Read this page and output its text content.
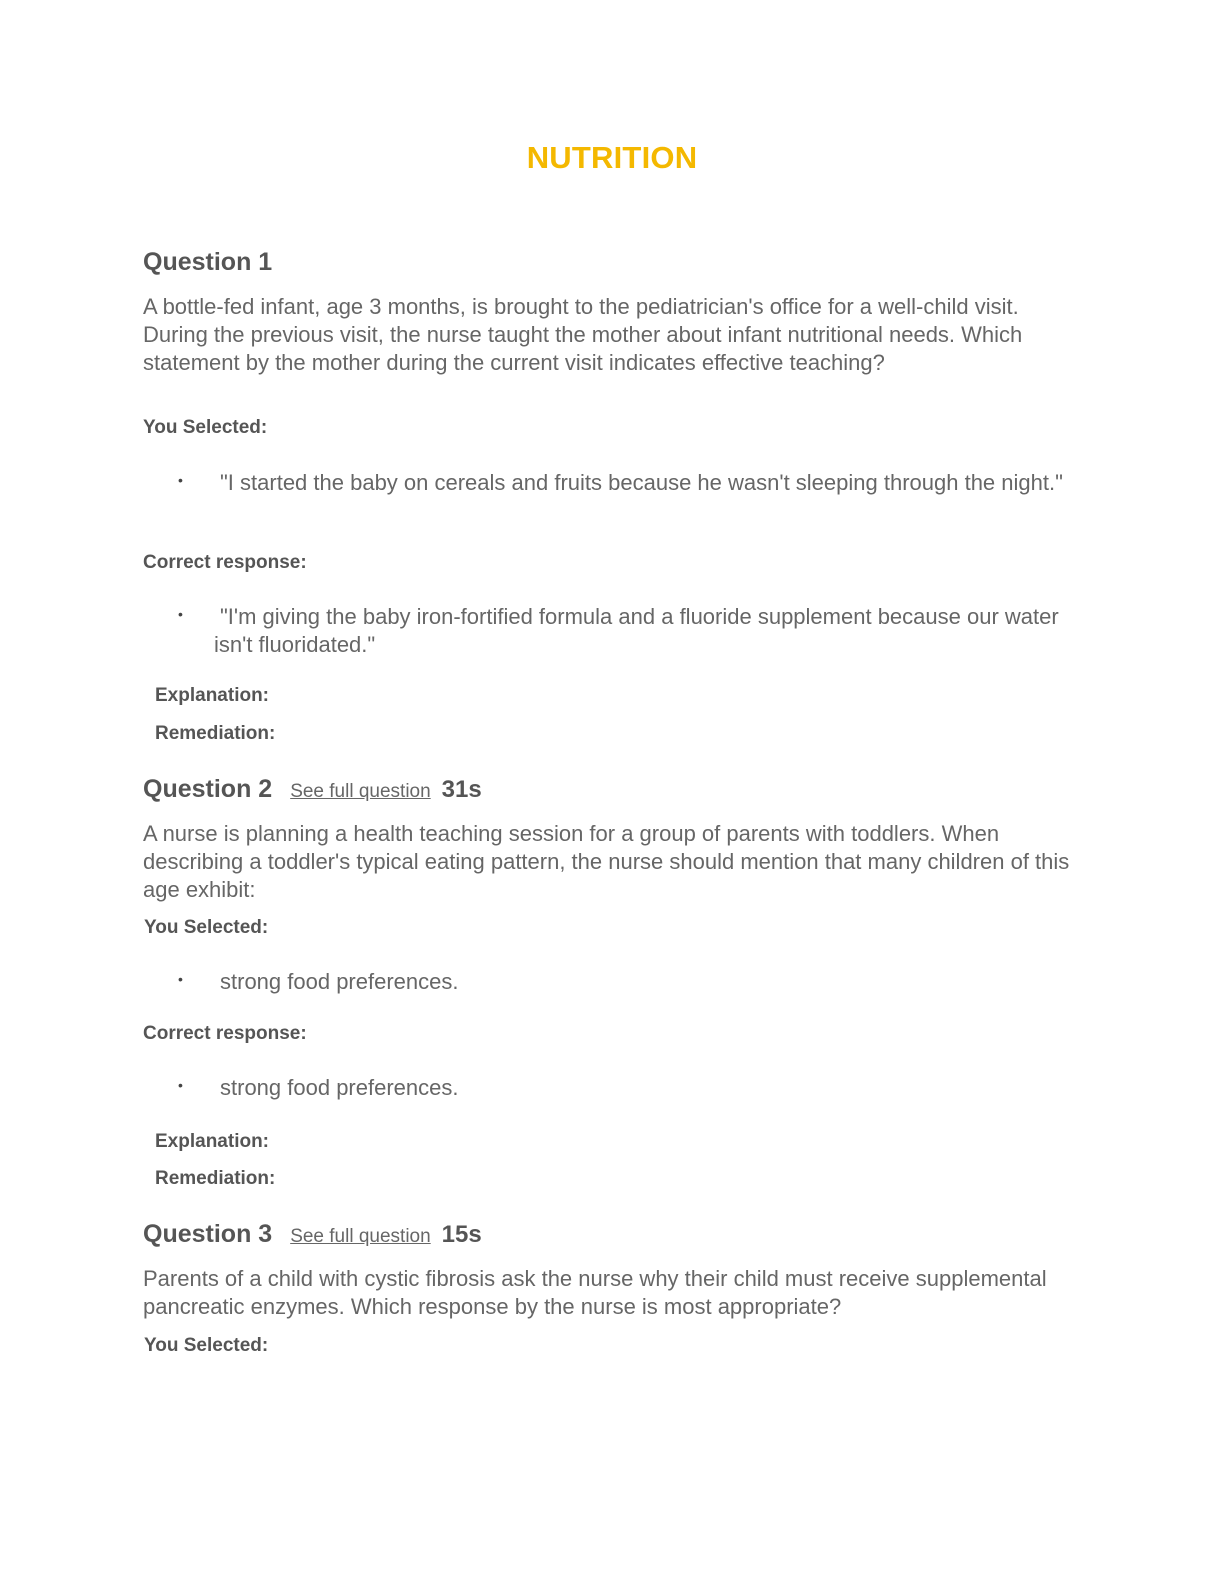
NUTRITION
Question 1
A bottle-fed infant, age 3 months, is brought to the pediatrician's office for a well-child visit. During the previous visit, the nurse taught the mother about infant nutritional needs. Which statement by the mother during the current visit indicates effective teaching?
You Selected:
• "I started the baby on cereals and fruits because he wasn't sleeping through the night."
Correct response:
• "I'm giving the baby iron-fortified formula and a fluoride supplement because our water isn't fluoridated."
Explanation:
Remediation:
Question 2 See full question 31s
A nurse is planning a health teaching session for a group of parents with toddlers. When describing a toddler's typical eating pattern, the nurse should mention that many children of this age exhibit:
You Selected:
• strong food preferences.
Correct response:
• strong food preferences.
Explanation:
Remediation:
Question 3 See full question 15s
Parents of a child with cystic fibrosis ask the nurse why their child must receive supplemental pancreatic enzymes. Which response by the nurse is most appropriate?
You Selected:
